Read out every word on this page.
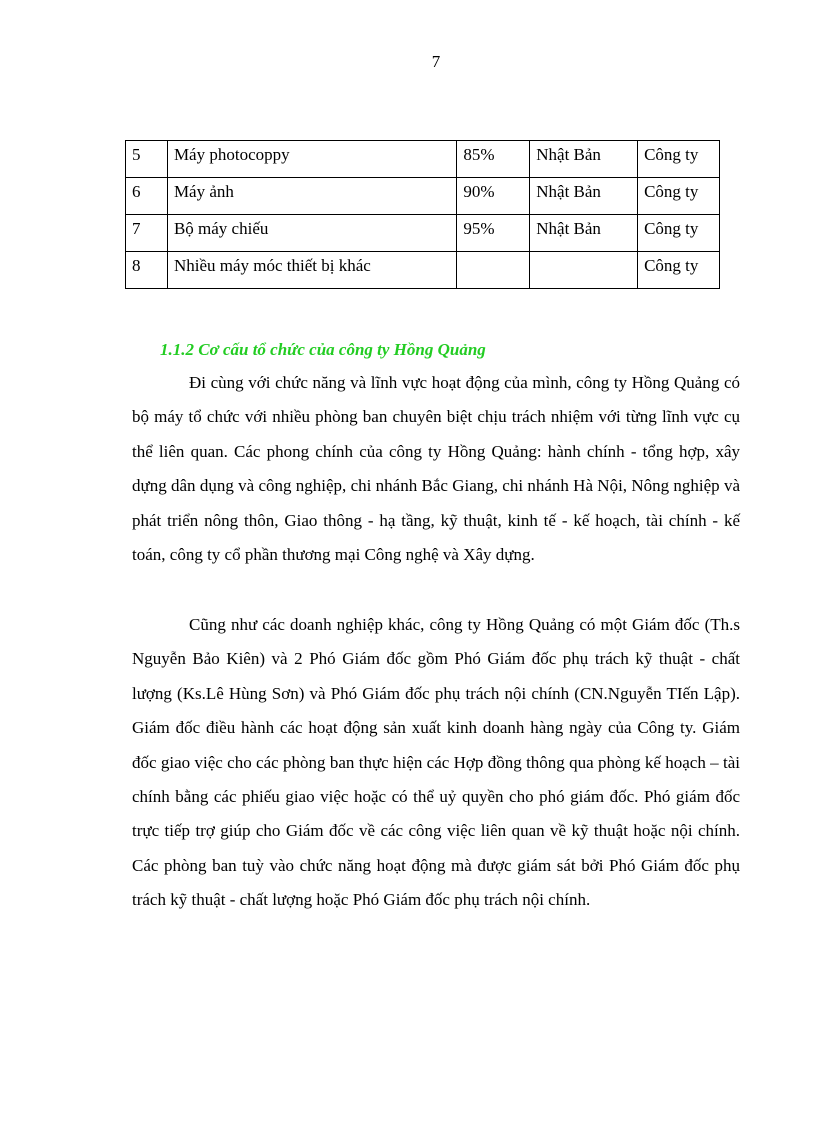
7
5	Máy photocoppy	85%	Nhật Bản	Công ty
6	Máy ảnh	90%	Nhật Bản	Công ty
7	Bộ máy chiếu	95%	Nhật Bản	Công ty
8	Nhiều máy móc thiết bị khác			Công ty
1.1.2 Cơ cấu tổ chức của công ty Hồng Quảng

Đi cùng với chức năng và lĩnh vực hoạt động của mình, công ty Hồng Quảng có bộ máy tổ chức với nhiều phòng ban chuyên biệt chịu trách nhiệm với từng lĩnh vực cụ thể liên quan. Các phong chính của công ty Hồng Quảng: hành chính - tổng hợp, xây dựng dân dụng và công nghiệp, chi nhánh Bắc Giang, chi nhánh Hà Nội, Nông nghiệp và phát triển nông thôn, Giao thông - hạ tầng, kỹ thuật, kinh tế - kế hoạch, tài chính - kế toán, công ty cổ phần thương mại Công nghệ và Xây dựng.

Cũng như các doanh nghiệp khác, công ty Hồng Quảng có một Giám đốc (Th.s Nguyễn Bảo Kiên) và 2 Phó Giám đốc gồm Phó Giám đốc phụ trách kỹ thuật - chất lượng (Ks.Lê Hùng Sơn) và Phó Giám đốc phụ trách nội chính (CN.Nguyễn TIến Lập). Giám đốc điều hành các hoạt động sản xuất kinh doanh hàng ngày của Công ty. Giám đốc giao việc cho các phòng ban thực hiện các Hợp đồng thông qua phòng kế hoạch – tài chính bằng các phiếu giao việc hoặc có thể uỷ quyền cho phó giám đốc. Phó giám đốc trực tiếp trợ giúp cho Giám đốc về các công việc liên quan về kỹ thuật hoặc nội chính. Các phòng ban tuỳ vào chức năng hoạt động mà được giám sát bởi Phó Giám đốc phụ trách kỹ thuật - chất lượng hoặc Phó Giám đốc phụ trách nội chính.
